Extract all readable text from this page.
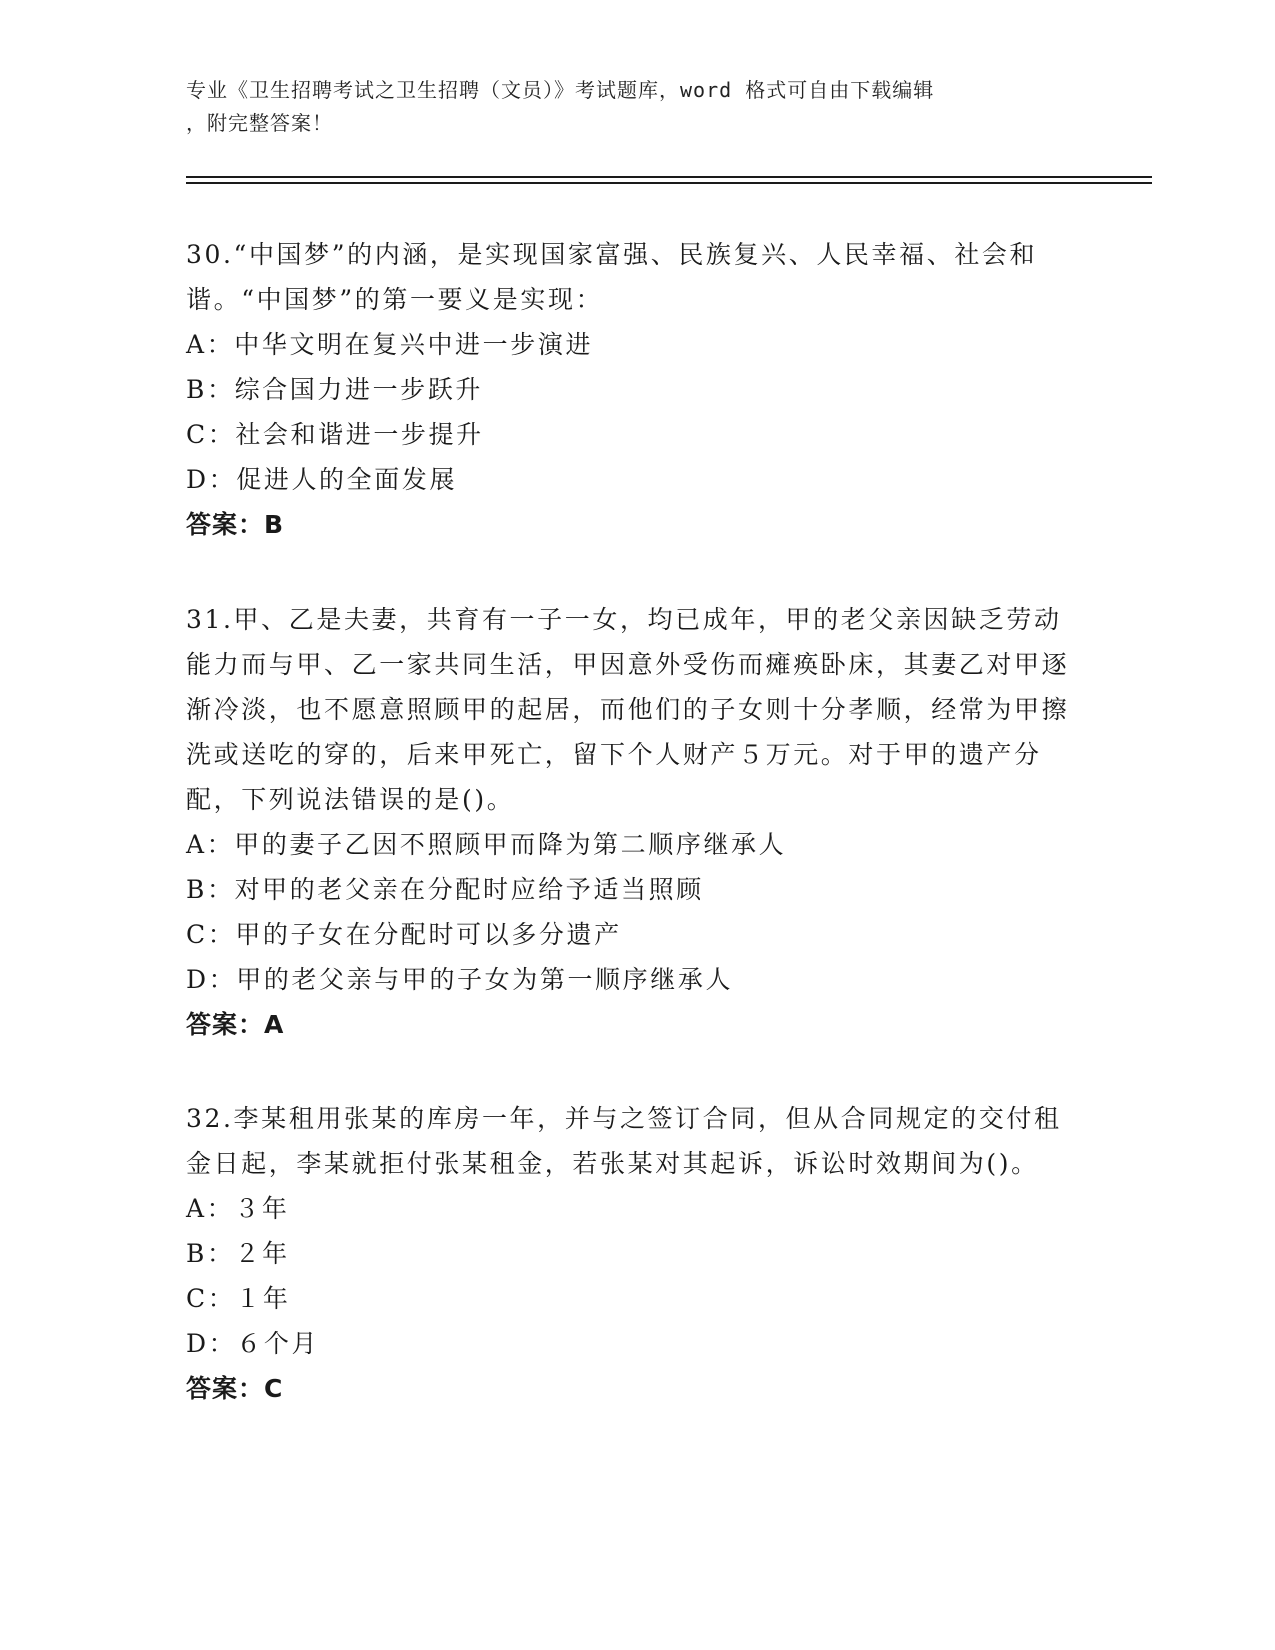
专业《卫生招聘考试之卫生招聘（文员）》考试题库，word 格式可自由下载编辑

，附完整答案！

30.“中国梦”的内涵，是实现国家富强、民族复兴、人民幸福、社会和谐。“中国梦”的第一要义是实现：

A：中华文明在复兴中进一步演进

B：综合国力进一步跃升

C：社会和谐进一步提升

D：促进人的全面发展

答案：B

31.甲、乙是夫妻，共育有一子一女，均已成年，甲的老父亲因缺乏劳动能力而与甲、乙一家共同生活，甲因意外受伤而瘫痪卧床，其妻乙对甲逐渐冷淡，也不愿意照顾甲的起居，而他们的子女则十分孝顺，经常为甲擦洗或送吃的穿的，后来甲死亡，留下个人财产５万元。对于甲的遗产分配，下列说法错误的是()。

A：甲的妻子乙因不照顾甲而降为第二顺序继承人

B：对甲的老父亲在分配时应给予适当照顾

C：甲的子女在分配时可以多分遗产

D：甲的老父亲与甲的子女为第一顺序继承人

答案：A

32.李某租用张某的库房一年，并与之签订合同，但从合同规定的交付租金日起，李某就拒付张某租金，若张某对其起诉，诉讼时效期间为()。

A：３年

B：２年

C：１年

D：６个月

答案：C
